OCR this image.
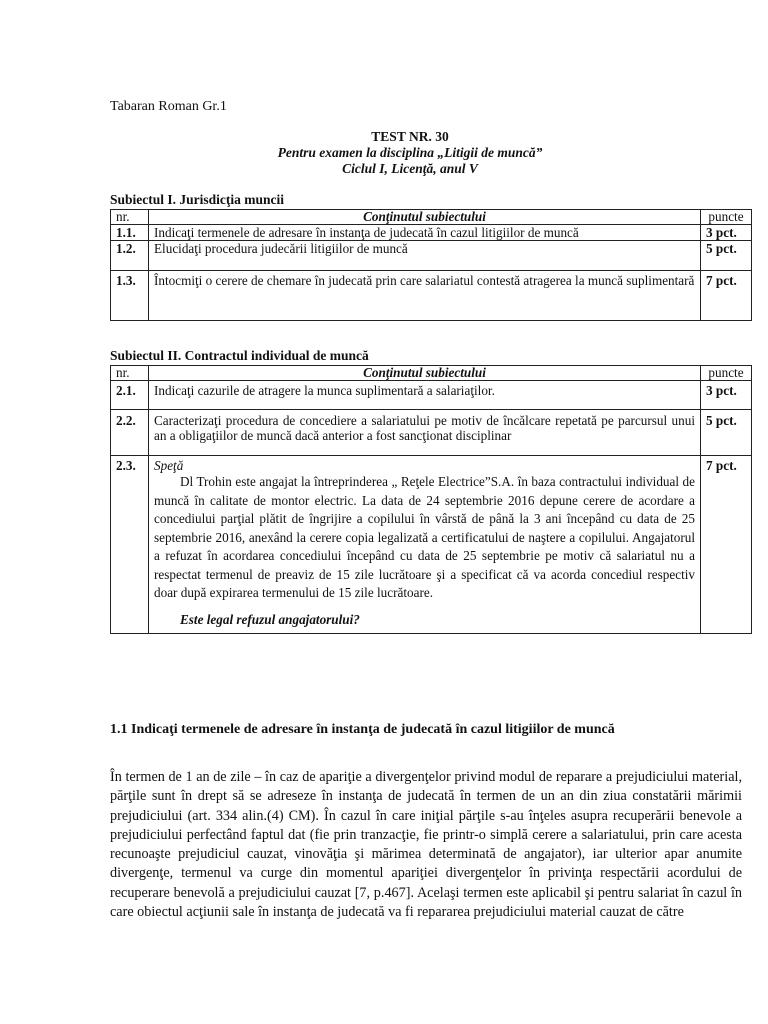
Tabaran Roman Gr.1
TEST NR. 30
Pentru examen la disciplina „Litigii de muncă”
Ciclul I, Licenţă, anul V
Subiectul I. Jurisdicţia muncii
nr.	Conţinutul subiectului	puncte
1.1.	Indicaţi termenele de adresare în instanţa de judecată în cazul litigiilor de muncă	3 pct.
1.2.	Elucidaţi procedura judecării litigiilor de muncă	5 pct.
1.3.	Întocmiţi o cerere de chemare în judecată prin care salariatul contestă atragerea la muncă suplimentară	7 pct.
Subiectul II. Contractul individual de muncă
nr.	Conţinutul subiectului	puncte
2.1.	Indicaţi cazurile de atragere la munca suplimentară a salariaţilor.	3 pct.
2.2.	Caracterizaţi procedura de concediere a salariatului pe motiv de încălcare repetată pe parcursul unui an a obligaţiilor de muncă dacă anterior a fost sancţionat disciplinar	5 pct.
2.3.	Speţă
Dl Trohin este angajat la întreprinderea „ Reţele Electrice”S.A. în baza contractului individual de muncă în calitate de montor electric. La data de 24 septembrie 2016 depune cerere de acordare a concediului parţial plătit de îngrijire a copilului în vârstă de până la 3 ani începând cu data de 25 septembrie 2016, anexând la cerere copia legalizată a certificatului de naştere a copilului. Angajatorul a refuzat în acordarea concediului începând cu data de 25 septembrie pe motiv că salariatul nu a respectat termenul de preaviz de 15 zile lucrătoare şi a specificat că va acorda concediul respectiv doar după expirarea termenului de 15 zile lucrătoare.
Este legal refuzul angajatorului?	7 pct.
1.1 Indicaţi termenele de adresare în instanţa de judecată în cazul litigiilor de muncă
În termen de 1 an de zile – în caz de apariţie a divergenţelor privind modul de reparare a prejudiciului material, părţile sunt în drept să se adreseze în instanţa de judecată în termen de un an din ziua constatării mărimii prejudiciului (art. 334 alin.(4) CM). În cazul în care iniţial părţile s-au înţeles asupra recuperării benevole a prejudiciului perfectând faptul dat (fie prin tranzacţie, fie printr-o simplă cerere a salariatului, prin care acesta recunoaşte prejudiciul cauzat, vinovăţia şi mărimea determinată de angajator), iar ulterior apar anumite divergenţe, termenul va curge din momentul apariţiei divergenţelor în privinţa respectării acordului de recuperare benevolă a prejudiciului cauzat [7, p.467]. Acelaşi termen este aplicabil şi pentru salariat în cazul în care obiectul acţiunii sale în instanţa de judecată va fi repararea prejudiciului material cauzat de către
